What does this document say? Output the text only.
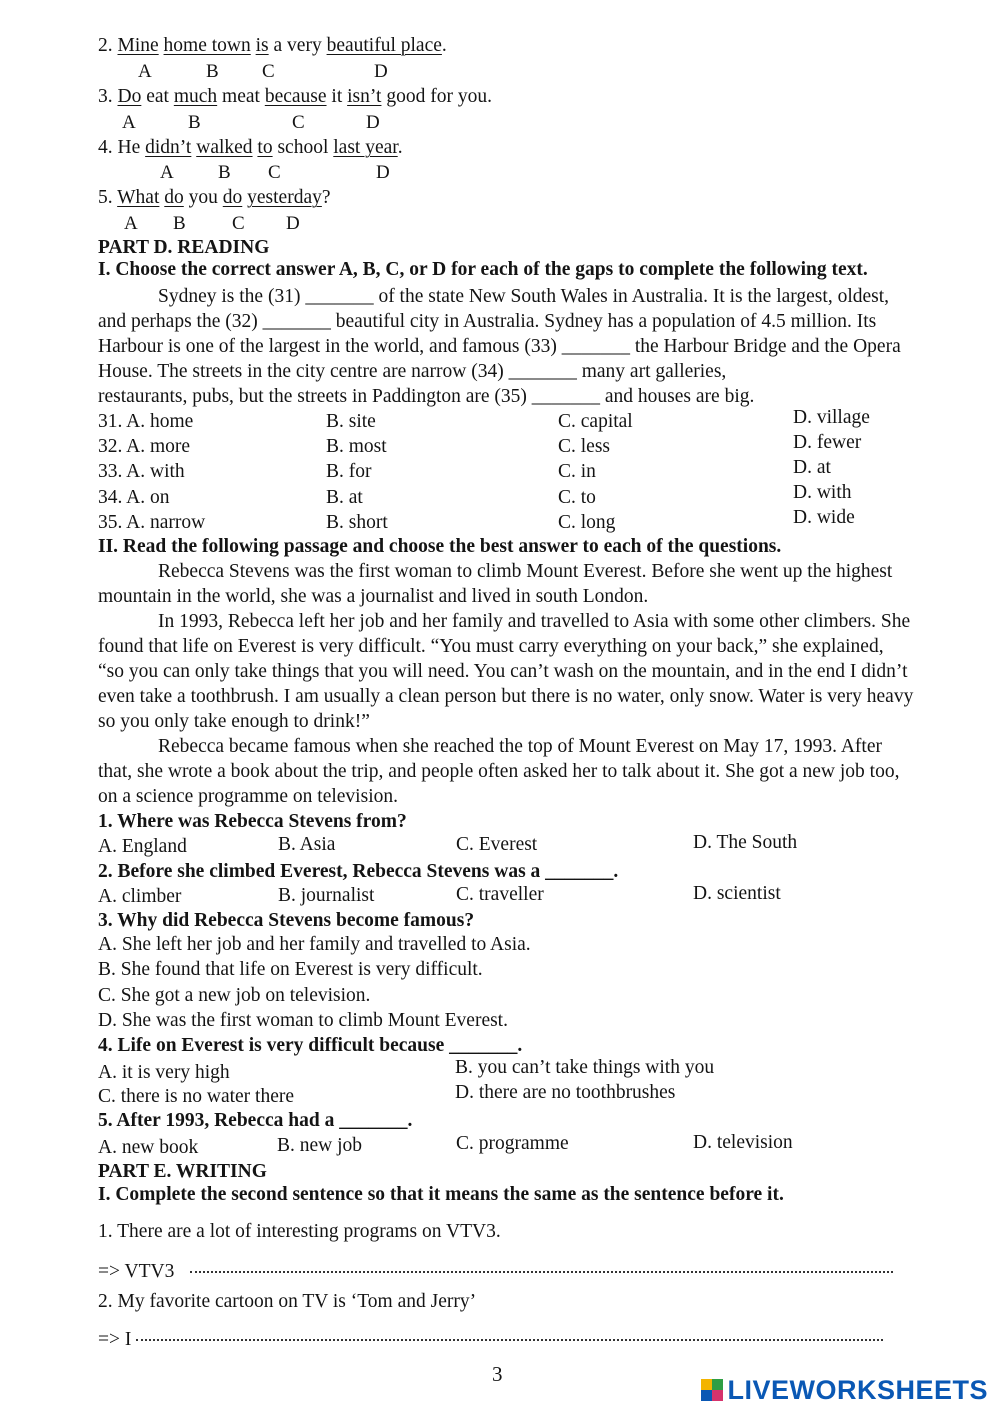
2. Mine home town is a very beautiful place.
A	B C	D
3. Do eat much meat because it isn’t good for you.
A	B	C	D
4. He didn’t walked to school last year.
A B C	D
5. What do you do yesterday?
A B C D
PART D. READING
I. Choose the correct answer A, B, C, or D for each of the gaps to complete the following text.
Sydney is the (31) _______ of the state New South Wales in Australia. It is the largest, oldest,
and perhaps the (32) _______ beautiful city in Australia. Sydney has a population of 4.5 million. Its
Harbour is one of the largest in the world, and famous (33) _______ the Harbour Bridge and the Opera
House. The streets in the city centre are narrow (34) _______ many art galleries,
restaurants, pubs, but the streets in Paddington are (35) _______ and houses are big.
31. A. home	B. site	C. capital	D. village
32. A. more	B. most	C. less	D. fewer
33. A. with	B. for	C. in	D. at
34. A. on	B. at	C. to	D. with
35. A. narrow	B. short	C. long	D. wide
II. Read the following passage and choose the best answer to each of the questions.
Rebecca Stevens was the first woman to climb Mount Everest. Before she went up the highest
mountain in the world, she was a journalist and lived in south London.
In 1993, Rebecca left her job and her family and travelled to Asia with some other climbers. She
found that life on Everest is very difficult. “You must carry everything on your back,” she explained,
“so you can only take things that you will need. You can’t wash on the mountain, and in the end I didn’t
even take a toothbrush. I am usually a clean person but there is no water, only snow. Water is very heavy
so you only take enough to drink!”
Rebecca became famous when she reached the top of Mount Everest on May 17, 1993. After
that, she wrote a book about the trip, and people often asked her to talk about it. She got a new job too,
on a science programme on television.
1. Where was Rebecca Stevens from?
A. England	B. Asia	C. Everest	D. The South
2. Before she climbed Everest, Rebecca Stevens was a _______.
A. climber	B. journalist	C. traveller	D. scientist
3. Why did Rebecca Stevens become famous?
A. She left her job and her family and travelled to Asia.
B. She found that life on Everest is very difficult.
C. She got a new job on television.
D. She was the first woman to climb Mount Everest.
4. Life on Everest is very difficult because _______.
A. it is very high	B. you can’t take things with you
C. there is no water there	D. there are no toothbrushes
5. After 1993, Rebecca had a _______.
A. new book	B. new job	C. programme	D. television
PART E. WRITING
I. Complete the second sentence so that it means the same as the sentence before it.
1. There are a lot of interesting programs on VTV3.
=> VTV3
2. My favorite cartoon on TV is ‘Tom and Jerry’
=> I
3
LIVEWORKSHEETS
